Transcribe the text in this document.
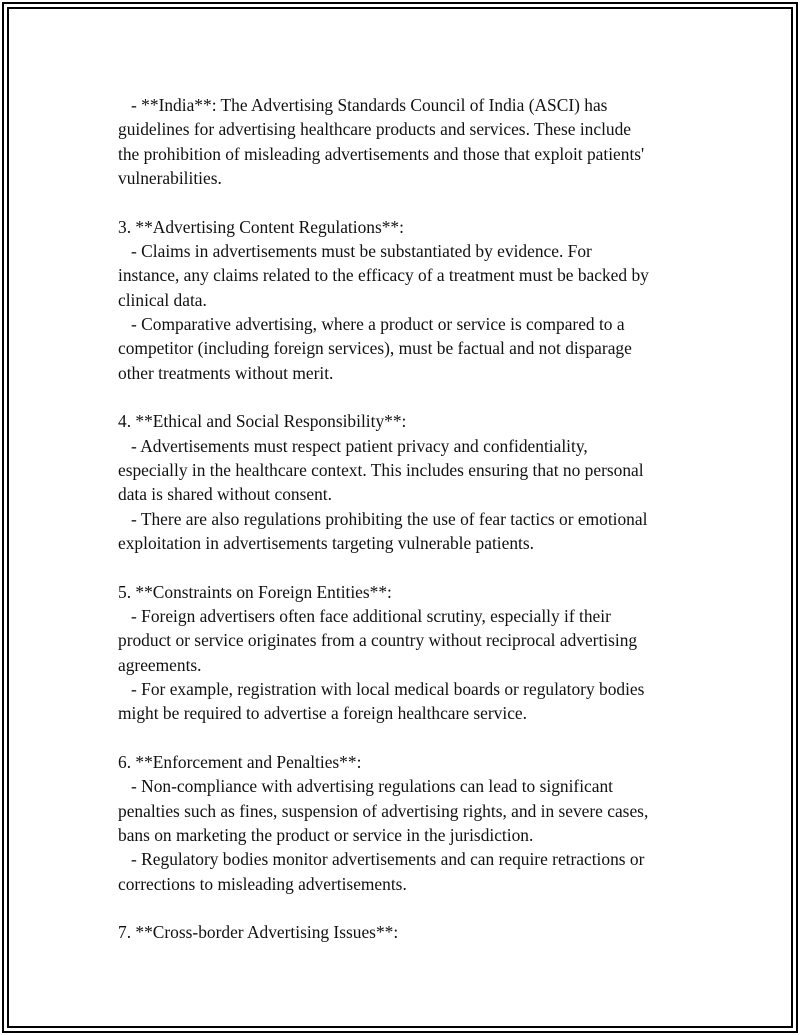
- **India**: The Advertising Standards Council of India (ASCI) has
guidelines for advertising healthcare products and services. These include
the prohibition of misleading advertisements and those that exploit patients'
vulnerabilities.
3. **Advertising Content Regulations**:
- Claims in advertisements must be substantiated by evidence. For
instance, any claims related to the efficacy of a treatment must be backed by
clinical data.
- Comparative advertising, where a product or service is compared to a
competitor (including foreign services), must be factual and not disparage
other treatments without merit.
4. **Ethical and Social Responsibility**:
- Advertisements must respect patient privacy and confidentiality,
especially in the healthcare context. This includes ensuring that no personal
data is shared without consent.
- There are also regulations prohibiting the use of fear tactics or emotional
exploitation in advertisements targeting vulnerable patients.
5. **Constraints on Foreign Entities**:
- Foreign advertisers often face additional scrutiny, especially if their
product or service originates from a country without reciprocal advertising
agreements.
- For example, registration with local medical boards or regulatory bodies
might be required to advertise a foreign healthcare service.
6. **Enforcement and Penalties**:
- Non-compliance with advertising regulations can lead to significant
penalties such as fines, suspension of advertising rights, and in severe cases,
bans on marketing the product or service in the jurisdiction.
- Regulatory bodies monitor advertisements and can require retractions or
corrections to misleading advertisements.
7. **Cross-border Advertising Issues**:
